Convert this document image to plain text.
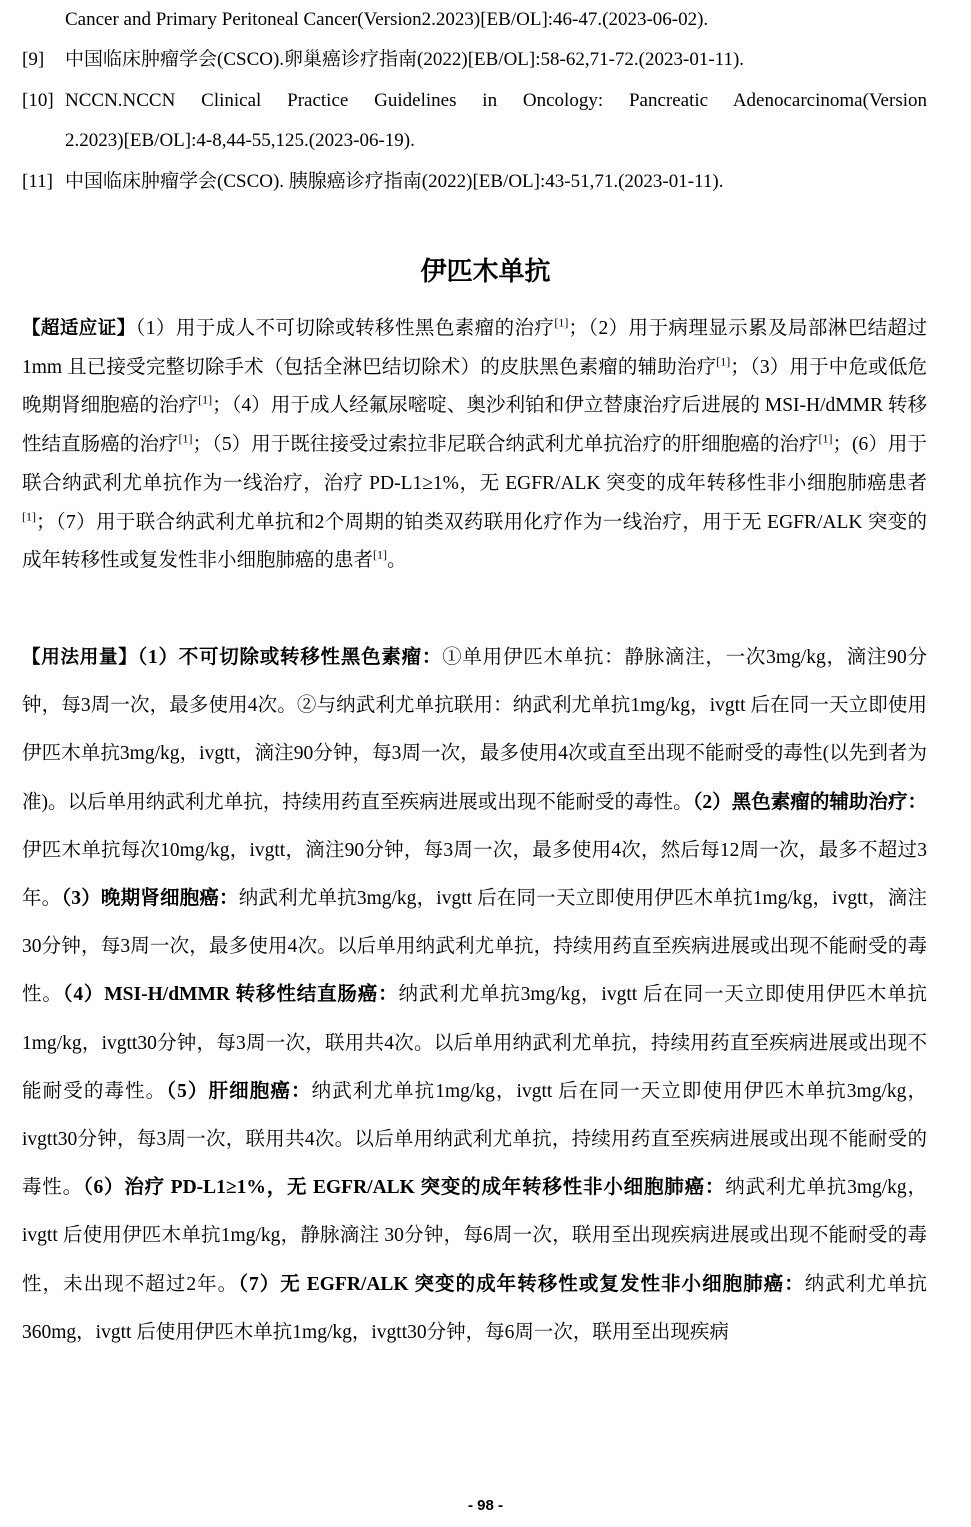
Cancer and Primary Peritoneal Cancer(Version2.2023)[EB/OL]:46-47.(2023-06-02).
[9] 中国临床肿瘤学会(CSCO).卵巢癌诊疗指南(2022)[EB/OL]:58-62,71-72.(2023-01-11).
[10] NCCN.NCCN Clinical Practice Guidelines in Oncology: Pancreatic Adenocarcinoma(Version
2.2023)[EB/OL]:4-8,44-55,125.(2023-06-19).
[11] 中国临床肿瘤学会(CSCO). 胰腺癌诊疗指南(2022)[EB/OL]:43-51,71.(2023-01-11).
伊匹木单抗
【超适应证】（1）用于成人不可切除或转移性黑色素瘤的治疗[1]；（2）用于病理显示累及局部淋巴结超过1mm 且已接受完整切除手术（包括全淋巴结切除术）的皮肤黑色素瘤的辅助治疗[1]；（3）用于中危或低危晚期肾细胞癌的治疗[1]；（4）用于成人经氟尿嘧啶、奥沙利铂和伊立替康治疗后进展的 MSI-H/dMMR 转移性结直肠癌的治疗[1]；（5）用于既往接受过索拉非尼联合纳武利尤单抗治疗的肝细胞癌的治疗[1]；(6）用于联合纳武利尤单抗作为一线治疗，治疗 PD-L1≥1%，无 EGFR/ALK 突变的成年转移性非小细胞肺癌患者[1]；（7）用于联合纳武利尤单抗和2个周期的铂类双药联用化疗作为一线治疗，用于无 EGFR/ALK 突变的成年转移性或复发性非小细胞肺癌的患者[1]。
【用法用量】（1）不可切除或转移性黑色素瘤：①单用伊匹木单抗：静脉滴注，一次3mg/kg，滴注90分钟，每3周一次，最多使用4次。②与纳武利尤单抗联用：纳武利尤单抗1mg/kg，ivgtt 后在同一天立即使用伊匹木单抗3mg/kg，ivgtt，滴注90分钟，每3周一次，最多使用4次或直至出现不能耐受的毒性(以先到者为准)。以后单用纳武利尤单抗，持续用药直至疾病进展或出现不能耐受的毒性。（2）黑色素瘤的辅助治疗：伊匹木单抗每次10mg/kg，ivgtt，滴注90分钟，每3周一次，最多使用4次，然后每12周一次，最多不超过3年。（3）晚期肾细胞癌：纳武利尤单抗3mg/kg，ivgtt 后在同一天立即使用伊匹木单抗1mg/kg，ivgtt，滴注30分钟，每3周一次，最多使用4次。以后单用纳武利尤单抗，持续用药直至疾病进展或出现不能耐受的毒性。（4）MSI-H/dMMR 转移性结直肠癌：纳武利尤单抗3mg/kg，ivgtt 后在同一天立即使用伊匹木单抗1mg/kg，ivgtt30分钟，每3周一次，联用共4次。以后单用纳武利尤单抗，持续用药直至疾病进展或出现不能耐受的毒性。（5）肝细胞癌：纳武利尤单抗1mg/kg，ivgtt 后在同一天立即使用伊匹木单抗3mg/kg，ivgtt30分钟，每3周一次，联用共4次。以后单用纳武利尤单抗，持续用药直至疾病进展或出现不能耐受的毒性。（6）治疗 PD-L1≥1%，无 EGFR/ALK 突变的成年转移性非小细胞肺癌：纳武利尤单抗3mg/kg，ivgtt 后使用伊匹木单抗1mg/kg，静脉滴注 30分钟，每6周一次，联用至出现疾病进展或出现不能耐受的毒性，未出现不超过2年。（7）无 EGFR/ALK 突变的成年转移性或复发性非小细胞肺癌：纳武利尤单抗360mg，ivgtt 后使用伊匹木单抗1mg/kg，ivgtt30分钟，每6周一次，联用至出现疾病
- 98 -
